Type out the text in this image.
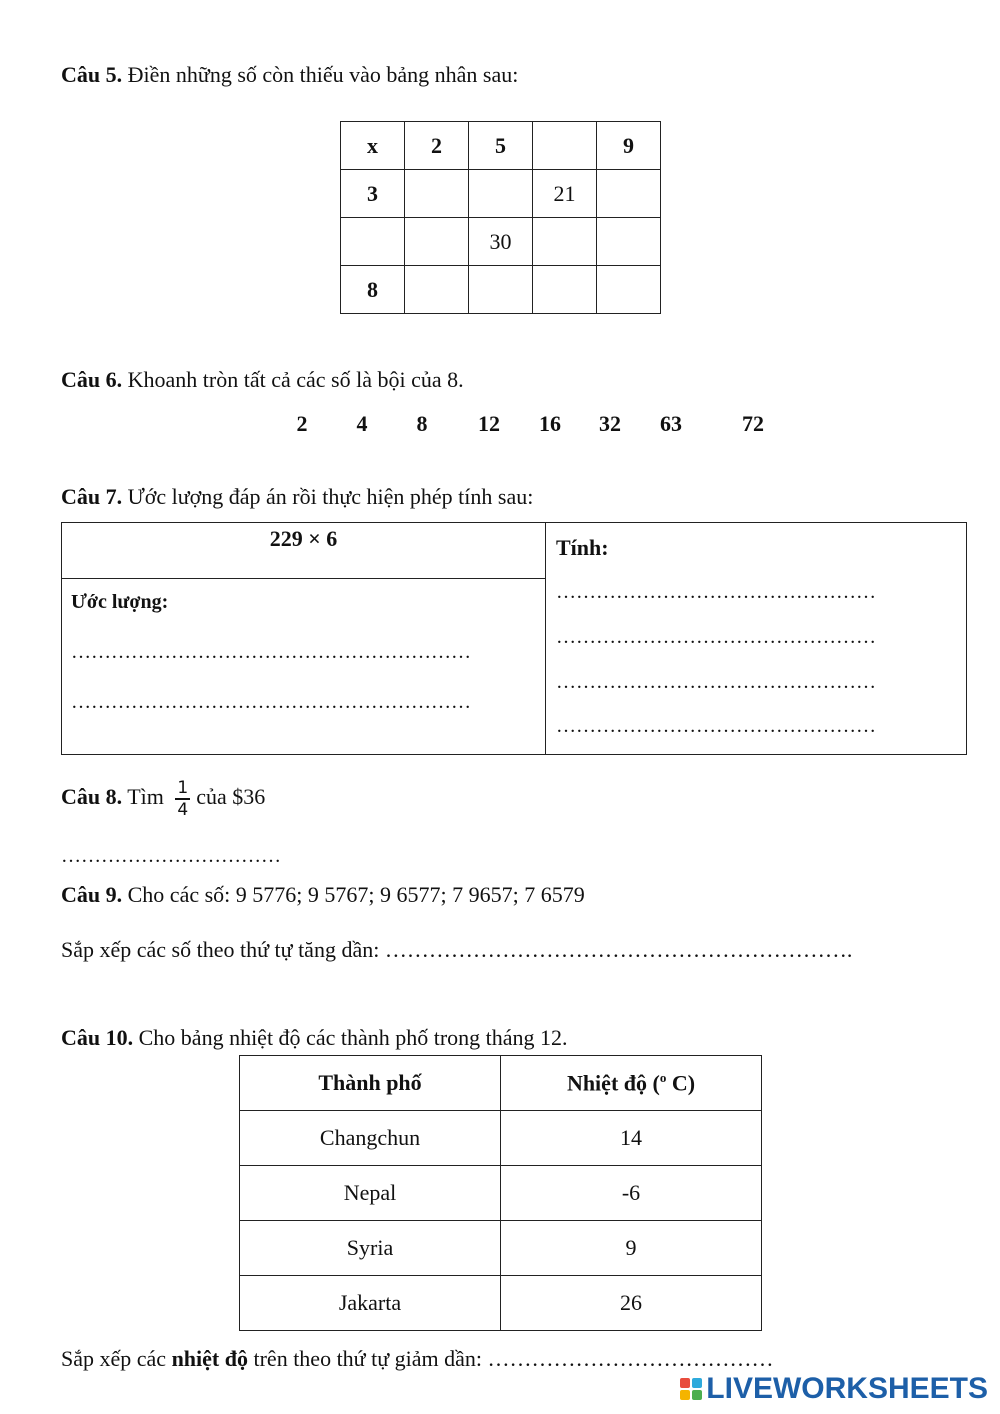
Câu 5. Điền những số còn thiếu vào bảng nhân sau:
x	2	5		9
3			21	
		30		
8				
Câu 6. Khoanh tròn tất cả các số là bội của 8.
2	4	8	12	16	32	63	72
Câu 7. Ước lượng đáp án rồi thực hiện phép tính sau:
229 × 6
Ước lượng:
……………………………………………………
……………………………………………………
Tính:
…………………………………………
…………………………………………
…………………………………………
…………………………………………
Câu 8. Tìm $\frac{1}{4}$ của $36
……………………………
Câu 9. Cho các số: 9 5776; 9 5767; 9 6577; 7 9657; 7 6579
Sắp xếp các số theo thứ tự tăng dần: ……………………………………………………….
Câu 10. Cho bảng nhiệt độ các thành phố trong tháng 12.
Thành phố	Nhiệt độ ($^o$ C)
Changchun	14
Nepal	-6
Syria	9
Jakarta	26
Sắp xếp các nhiệt độ trên theo thứ tự giảm dần: …………………………………
LIVEWORKSHEETS
